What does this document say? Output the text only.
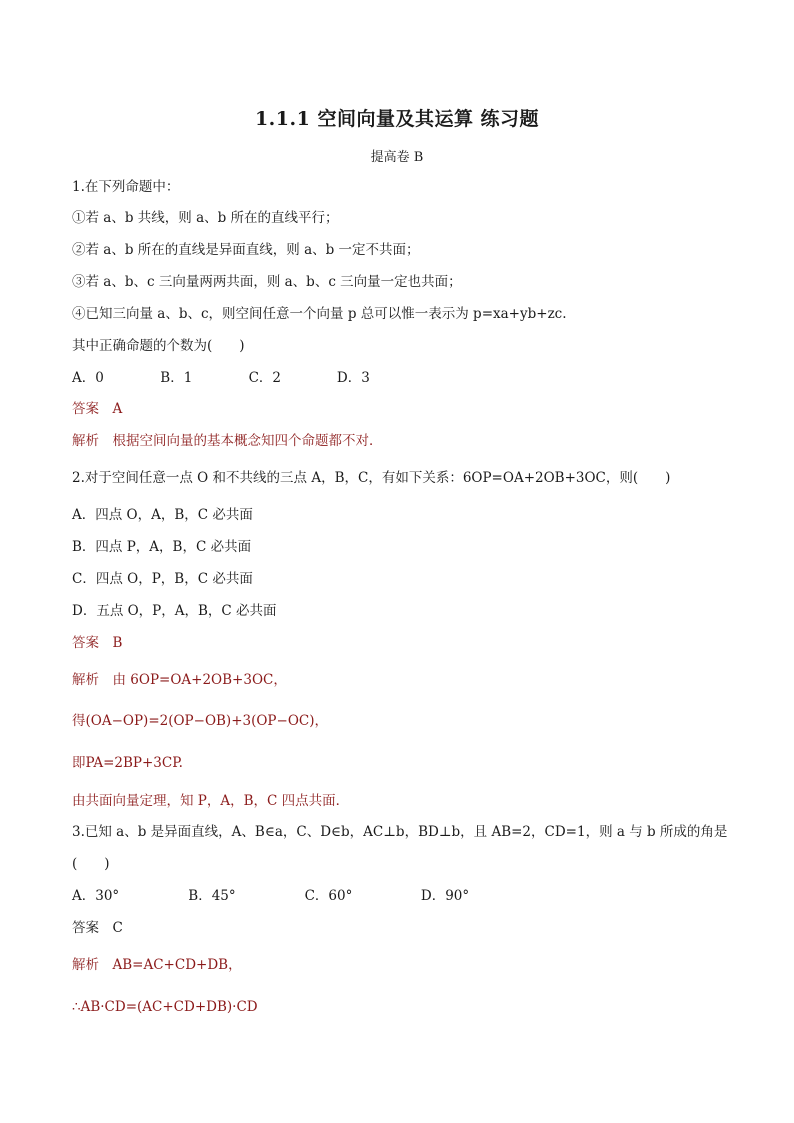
1.1.1 空间向量及其运算 练习题
提高卷 B
1.在下列命题中：
①若 a、b 共线，则 a、b 所在的直线平行；
②若 a、b 所在的直线是异面直线，则 a、b 一定不共面；
③若 a、b、c 三向量两两共面，则 a、b、c 三向量一定也共面；
④已知三向量 a、b、c，则空间任意一个向量 p 总可以惟一表示为 p=xa+yb+zc.
其中正确命题的个数为(　　)
A．0	B．1	C．2	D．3
答案　A
解析　根据空间向量的基本概念知四个命题都不对．
2.对于空间任意一点 O 和不共线的三点 A，B，C，有如下关系：6OP=OA+2OB+3OC，则(　　)
A．四点 O，A，B，C 必共面
B．四点 P，A，B，C 必共面
C．四点 O，P，B，C 必共面
D．五点 O，P，A，B，C 必共面
答案　B
解析　由 6OP=OA+2OB+3OC，
得(OA−OP)=2(OP−OB)+3(OP−OC)，
即PA=2BP+3CP.
由共面向量定理，知 P，A，B，C 四点共面．
3.已知 a、b 是异面直线，A、B∈a，C、D∈b，AC⊥b，BD⊥b，且 AB=2，CD=1，则 a 与 b 所成的角是
(　　)
A．30°	B．45°	C．60°	D．90°
答案　C
解析　AB=AC+CD+DB，
∴AB·CD=(AC+CD+DB)·CD
